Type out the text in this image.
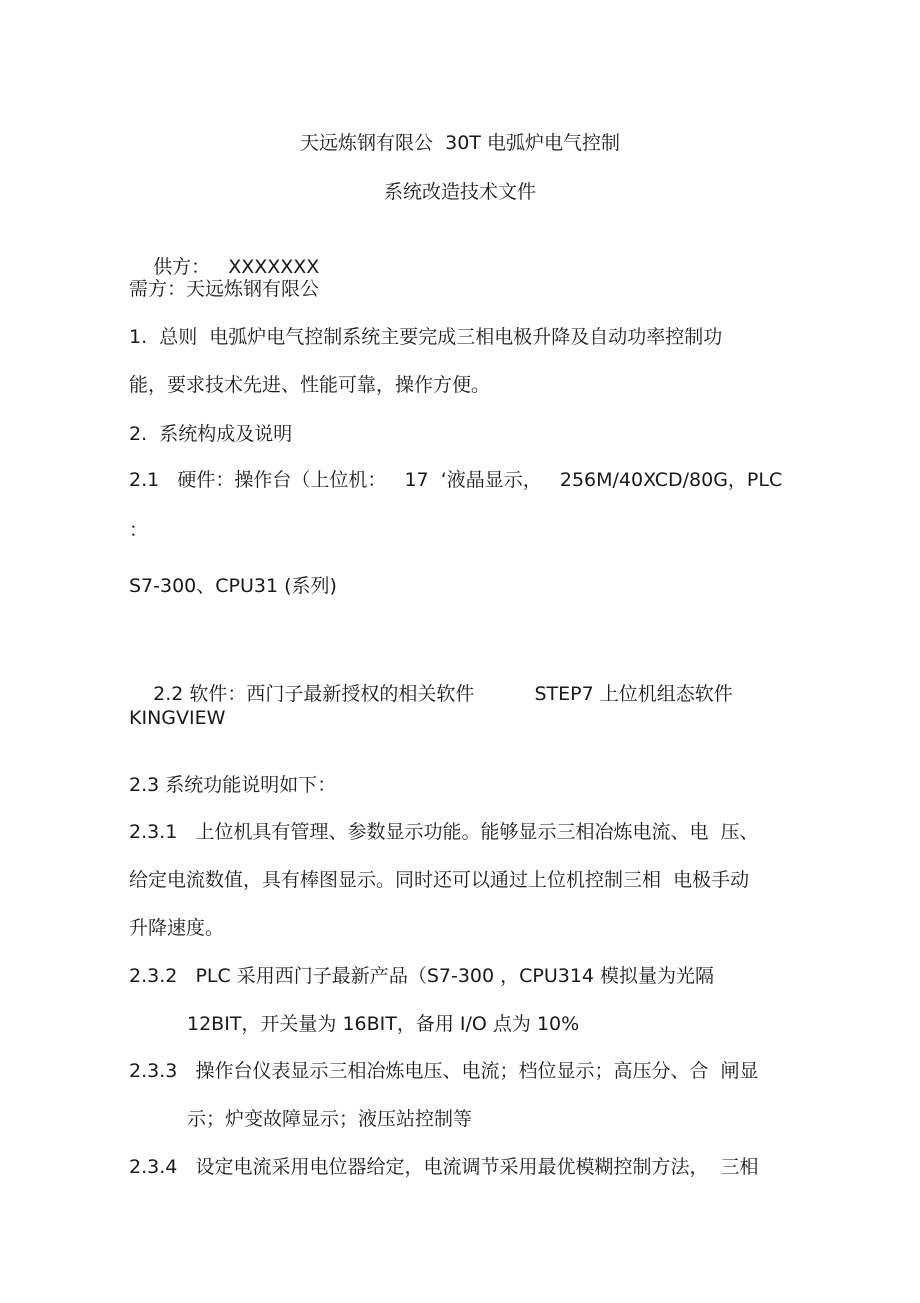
天远炼钢有限公  30T 电弧炉电气控制

系统改造技术文件

供方： XXXXXXX

需方：天远炼钢有限公

1.  总则  电弧炉电气控制系统主要完成三相电极升降及自动功率控制功

能，要求技术先进、性能可靠，操作方便。

2.  系统构成及说明

2.1   硬件：操作台（上位机：   17  ‘液晶显示，   256M/40XCD/80G，PLC

：

S7-300、CPU31 (系列)

2.2 软件：西门子最新授权的相关软件	STEP7 上位机组态软件

KINGVIEW

2.3 系统功能说明如下：

2.3.1   上位机具有管理、参数显示功能。能够显示三相冶炼电流、电  压、

给定电流数值，具有棒图显示。同时还可以通过上位机控制三相  电极手动

升降速度。

2.3.2   PLC 采用西门子最新产品（S7-300 ，CPU314 模拟量为光隔

12BIT，开关量为 16BIT，备用 I/O 点为 10%

2.3.3   操作台仪表显示三相冶炼电压、电流；档位显示；高压分、合  闸显

示；炉变故障显示；液压站控制等

2.3.4   设定电流采用电位器给定，电流调节采用最优模糊控制方法，  三相
